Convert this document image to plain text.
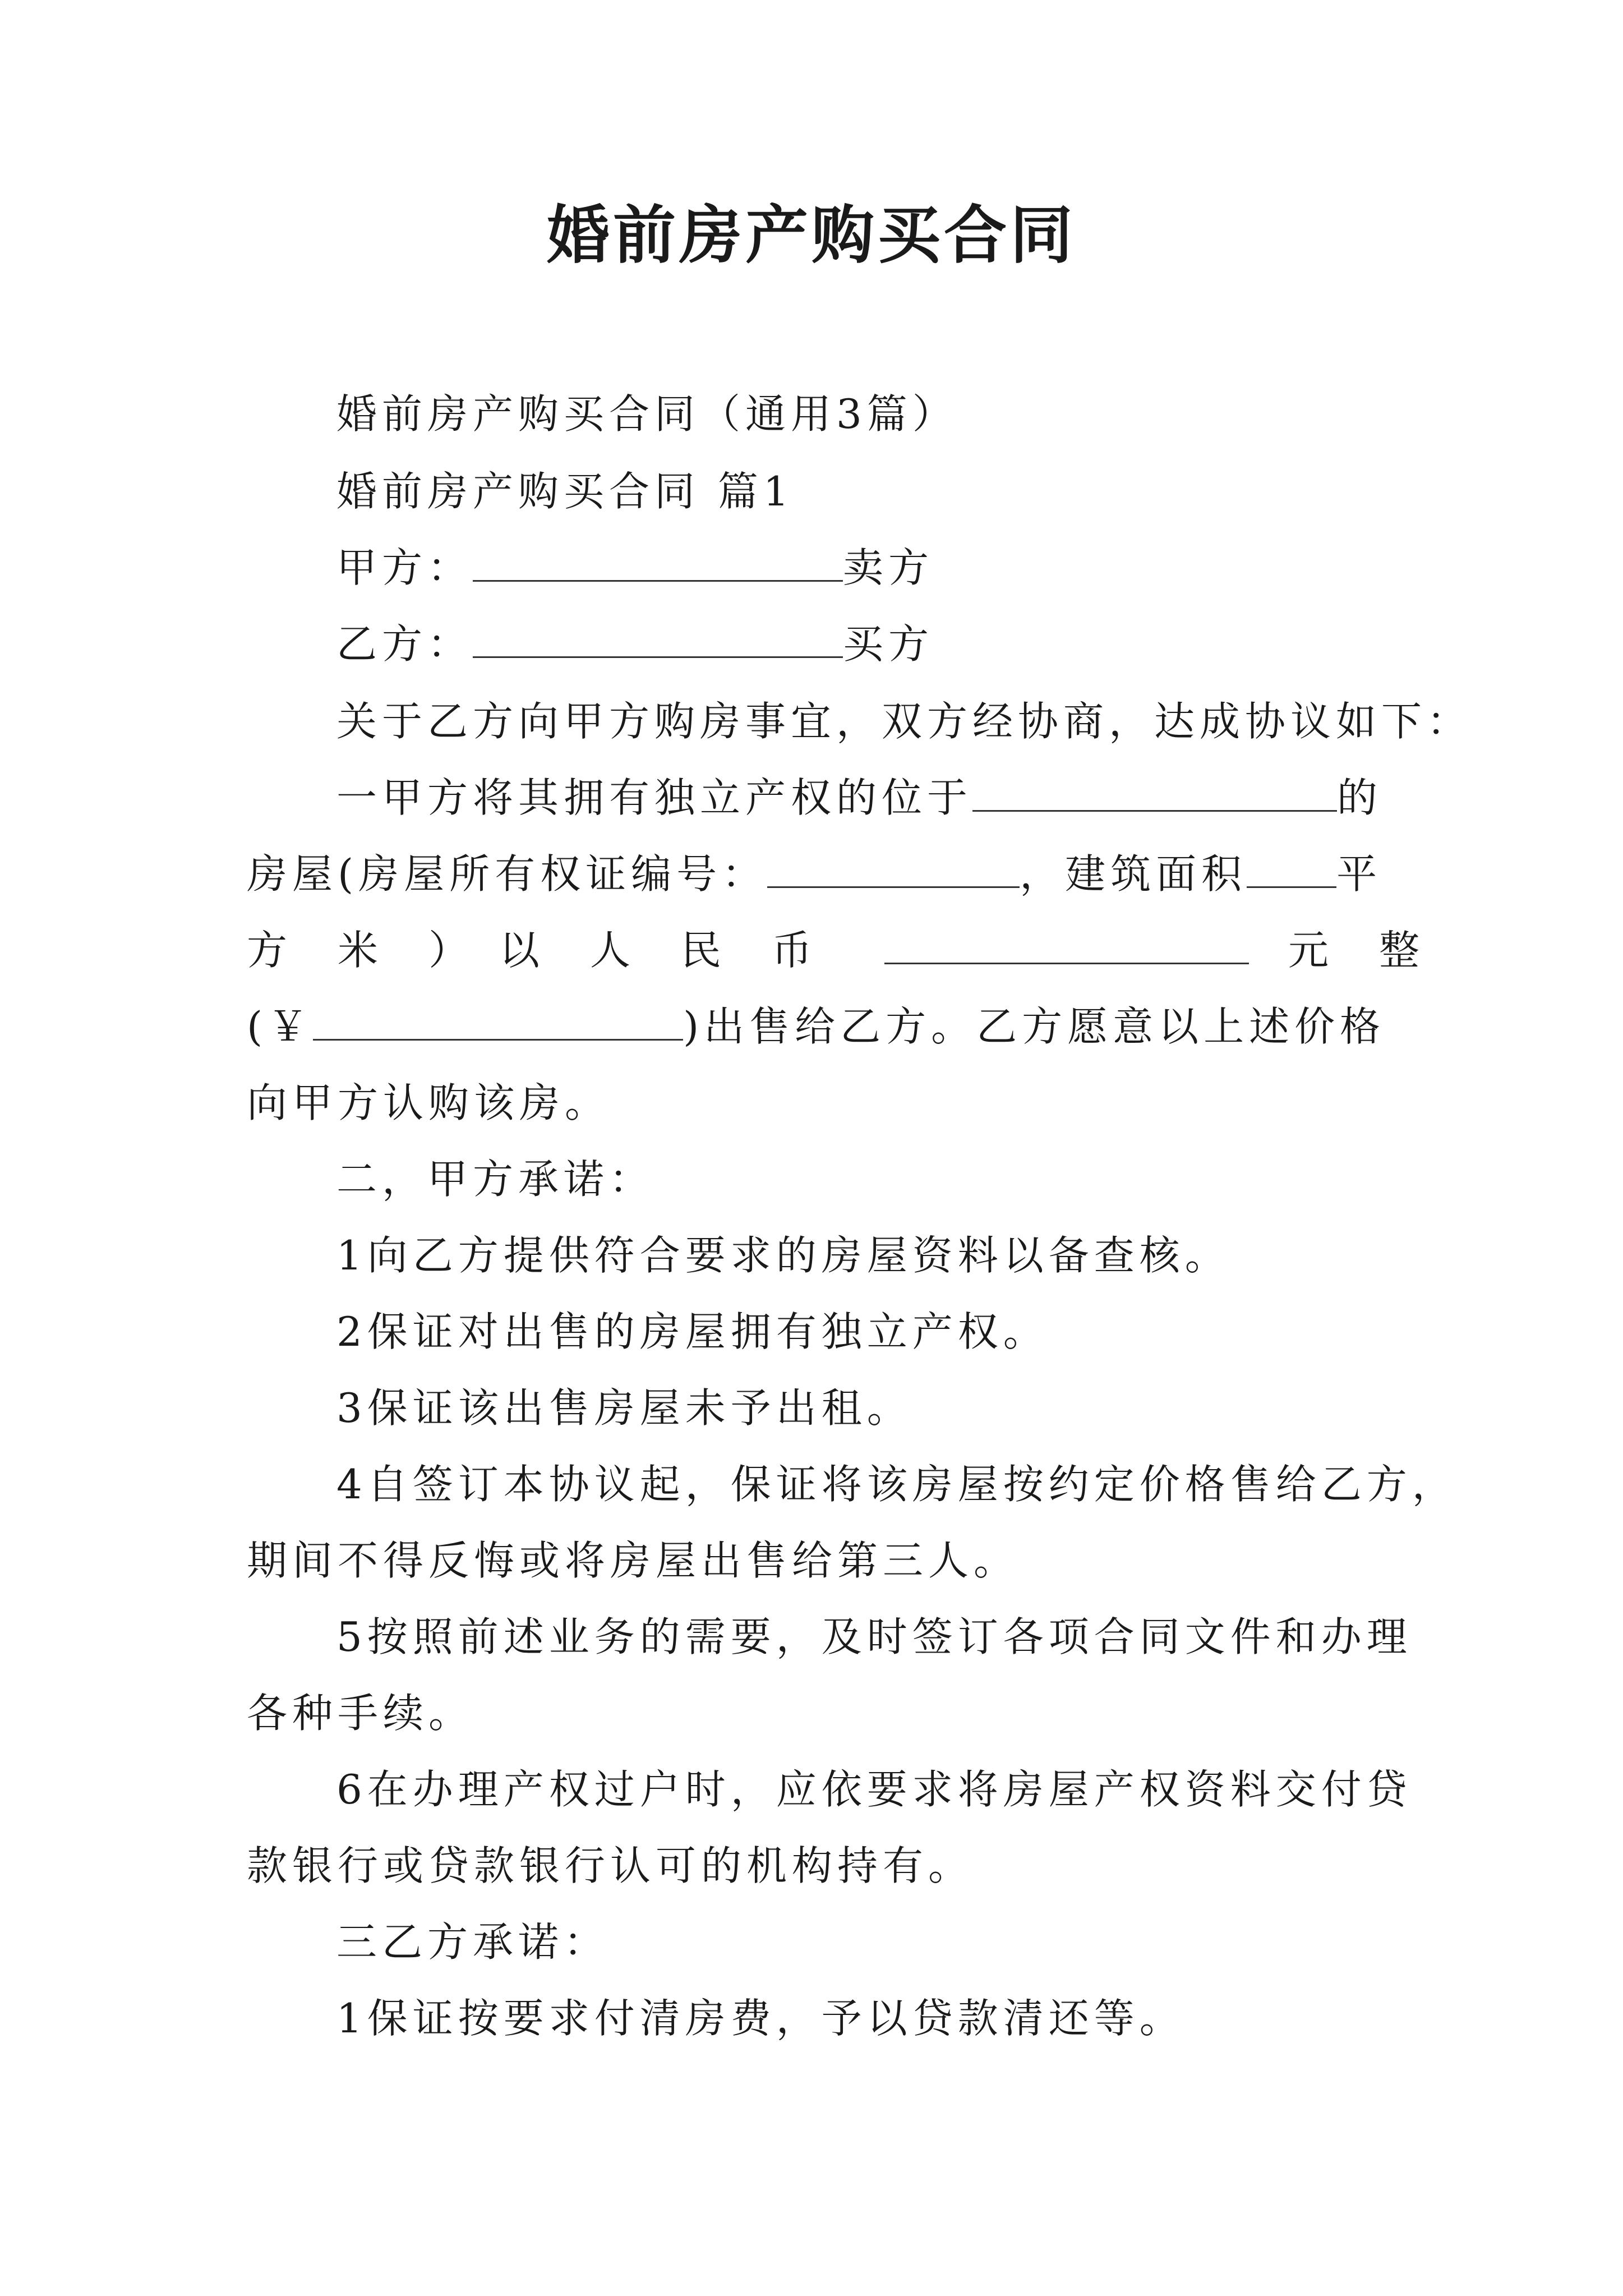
婚前房产购买合同
婚前房产购买合同（通用3篇）
婚前房产购买合同 篇1
甲方：	卖方
乙方：	买方
关于乙方向甲方购房事宜，双方经协商，达成协议如下：
一甲方将其拥有独立产权的位于	的
房屋(房屋所有权证编号：	，建筑面积 平
方　米　）　以　人　民　币	元　整
(￥	)出售给乙方。乙方愿意以上述价格
向甲方认购该房。
二，甲方承诺：
1向乙方提供符合要求的房屋资料以备查核。
2保证对出售的房屋拥有独立产权。
3保证该出售房屋未予出租。
4自签订本协议起，保证将该房屋按约定价格售给乙方，
期间不得反悔或将房屋出售给第三人。
5按照前述业务的需要，及时签订各项合同文件和办理
各种手续。
6在办理产权过户时，应依要求将房屋产权资料交付贷
款银行或贷款银行认可的机构持有。
三乙方承诺：
1保证按要求付清房费，予以贷款清还等。
